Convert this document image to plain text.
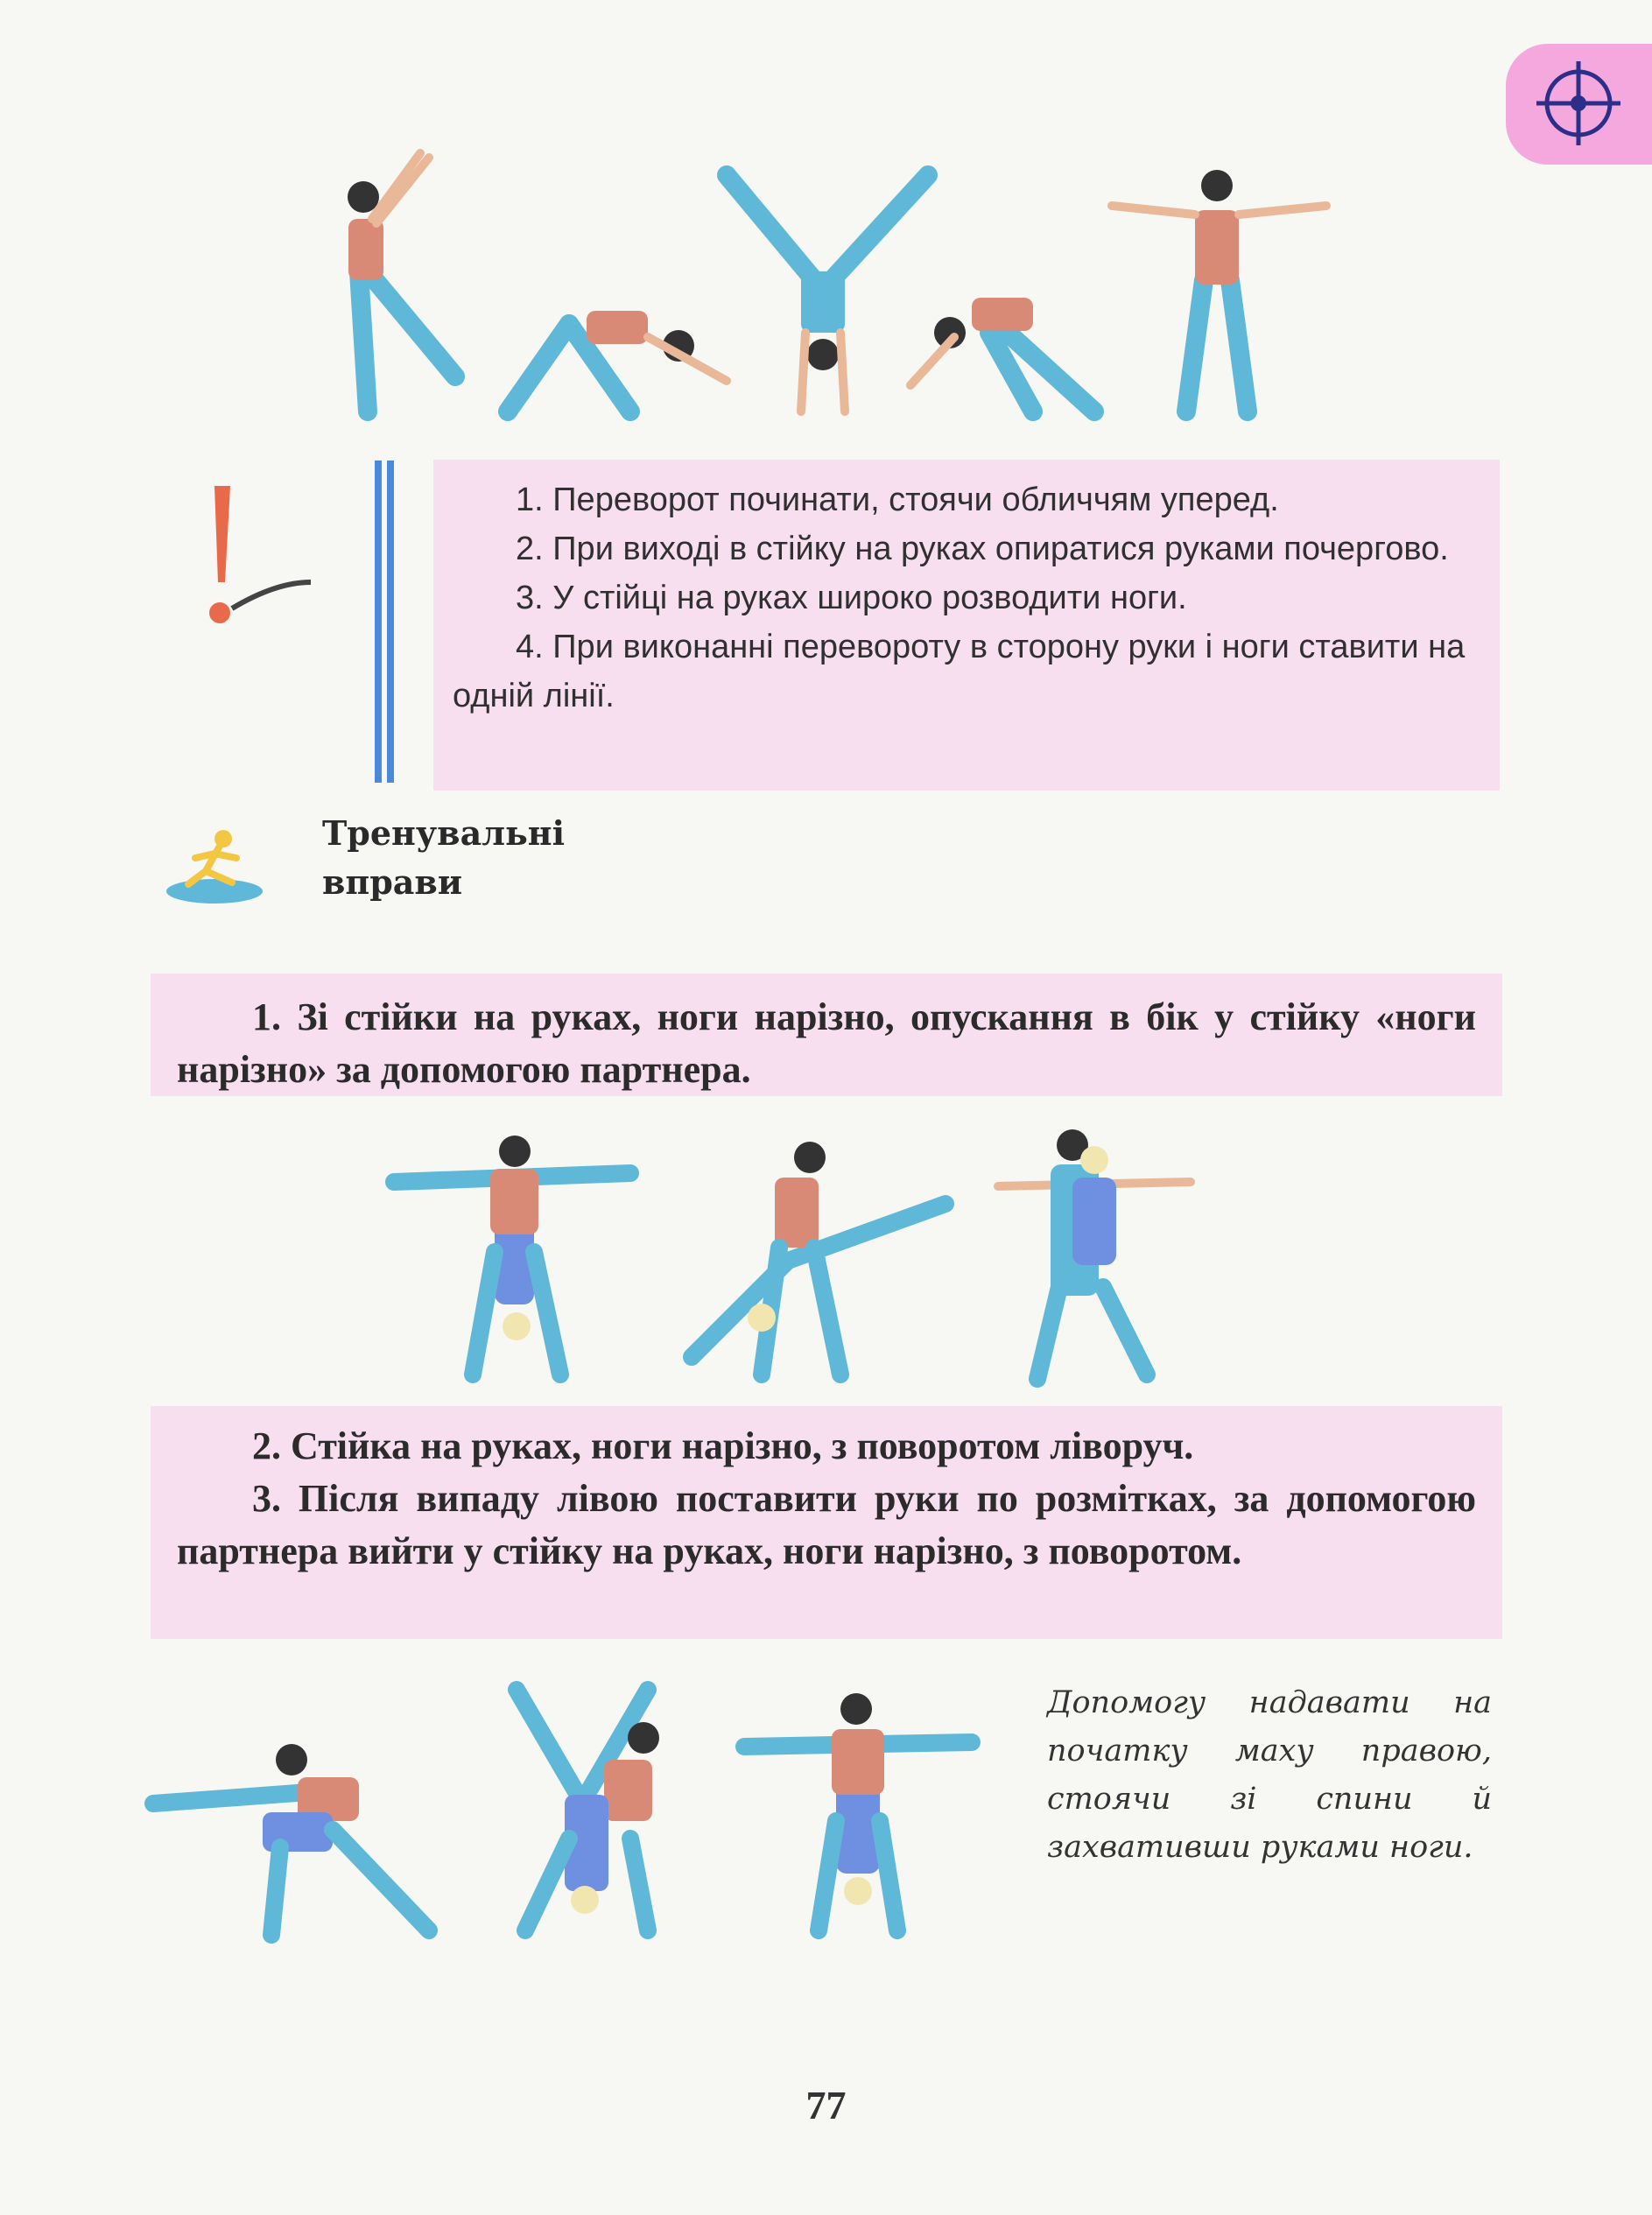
1. Переворот починати, стоячи обличчям уперед.

2. При виході в стійку на руках опиратися руками почергово.

3. У стійці на руках широко розводити ноги.

4. При виконанні перевороту в сторону руки і ноги ставити на одній лінії.

Тренувальні
вправи

1. Зі стійки на руках, ноги нарізно, опускання в бік у стійку «ноги нарізно» за допомогою партнера.

2. Стійка на руках, ноги нарізно, з поворотом ліворуч.

3. Після випаду лівою поставити руки по розмітках, за допомогою партнера вийти у стійку на руках, ноги нарізно, з поворотом.

Допомогу надавати на початку маху правою, стоячи зі спини й захвативши руками ноги.
77
